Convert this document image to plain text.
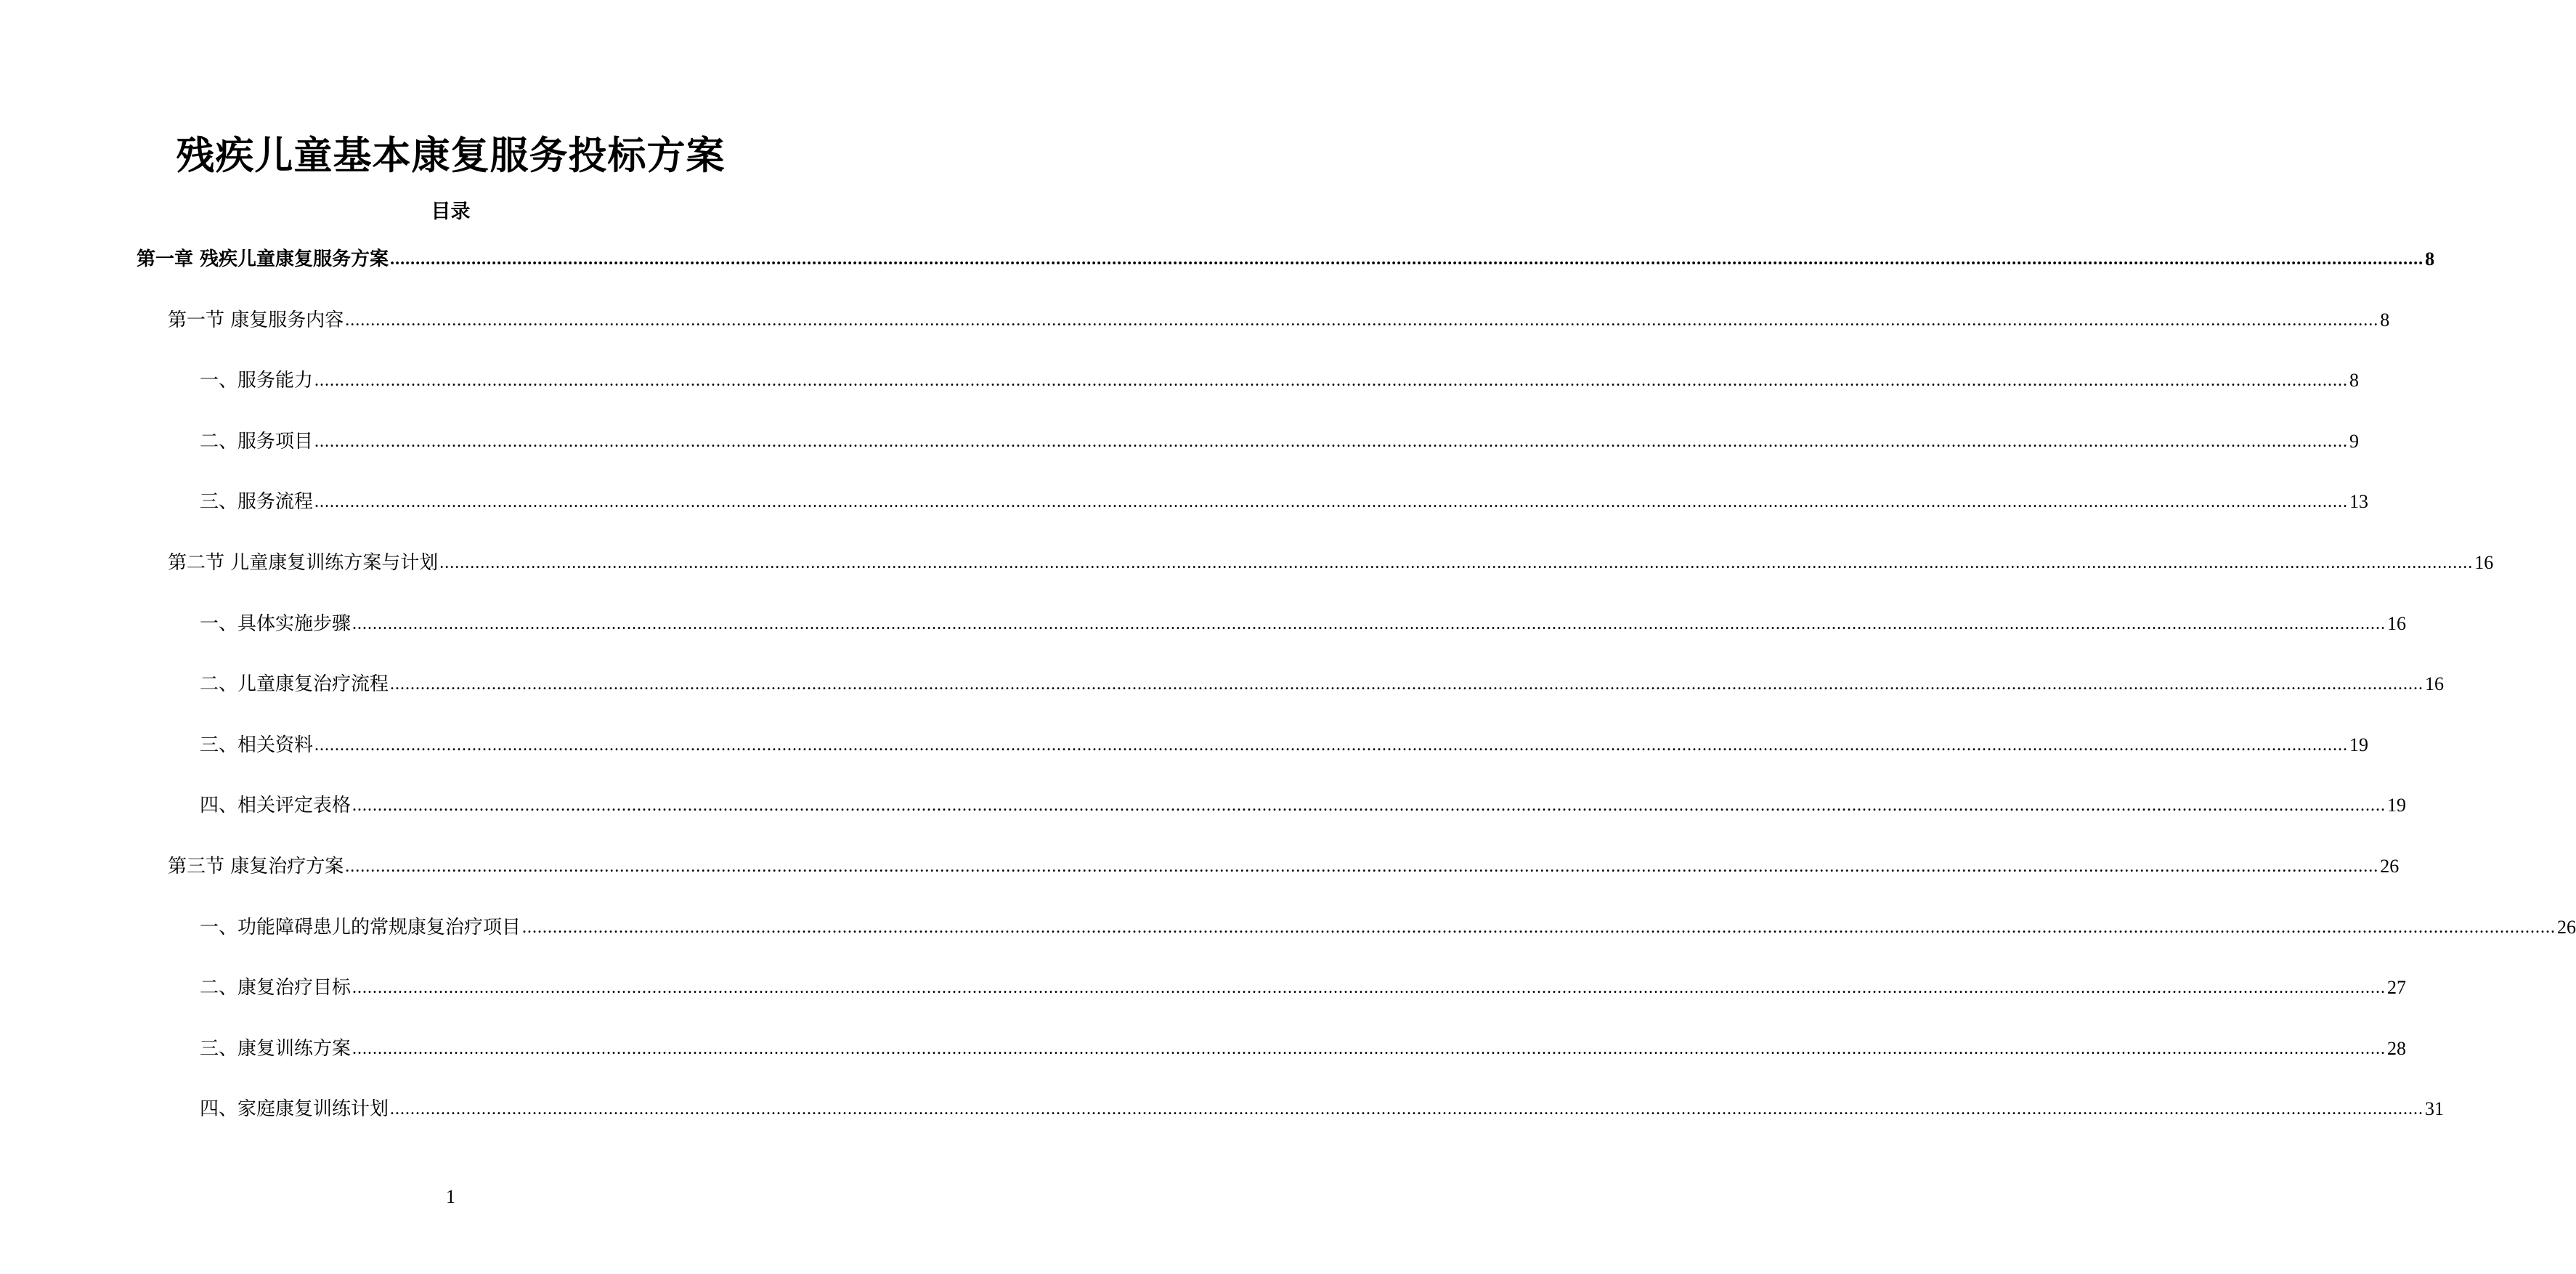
残疾儿童基本康复服务投标方案
目录
第一章 残疾儿童康复服务方案 ................................................................................................................................................................................................................................................................................................................................................................................................................ 8
第一节 康复服务内容 ................................................................................................................................................................................................................................................................................................................................................................................................................ 8
一、服务能力 ................................................................................................................................................................................................................................................................................................................................................................................................................ 8
二、服务项目 ................................................................................................................................................................................................................................................................................................................................................................................................................ 9
三、服务流程 ................................................................................................................................................................................................................................................................................................................................................................................................................ 13
第二节 儿童康复训练方案与计划 ................................................................................................................................................................................................................................................................................................................................................................................................................ 16
一、具体实施步骤 ................................................................................................................................................................................................................................................................................................................................................................................................................ 16
二、儿童康复治疗流程 ................................................................................................................................................................................................................................................................................................................................................................................................................ 16
三、相关资料 ................................................................................................................................................................................................................................................................................................................................................................................................................ 19
四、相关评定表格 ................................................................................................................................................................................................................................................................................................................................................................................................................ 19
第三节 康复治疗方案 ................................................................................................................................................................................................................................................................................................................................................................................................................ 26
一、功能障碍患儿的常规康复治疗项目 ................................................................................................................................................................................................................................................................................................................................................................................................................ 26
二、康复治疗目标 ................................................................................................................................................................................................................................................................................................................................................................................................................ 27
三、康复训练方案 ................................................................................................................................................................................................................................................................................................................................................................................................................ 28
四、家庭康复训练计划 ................................................................................................................................................................................................................................................................................................................................................................................................................ 31
1
